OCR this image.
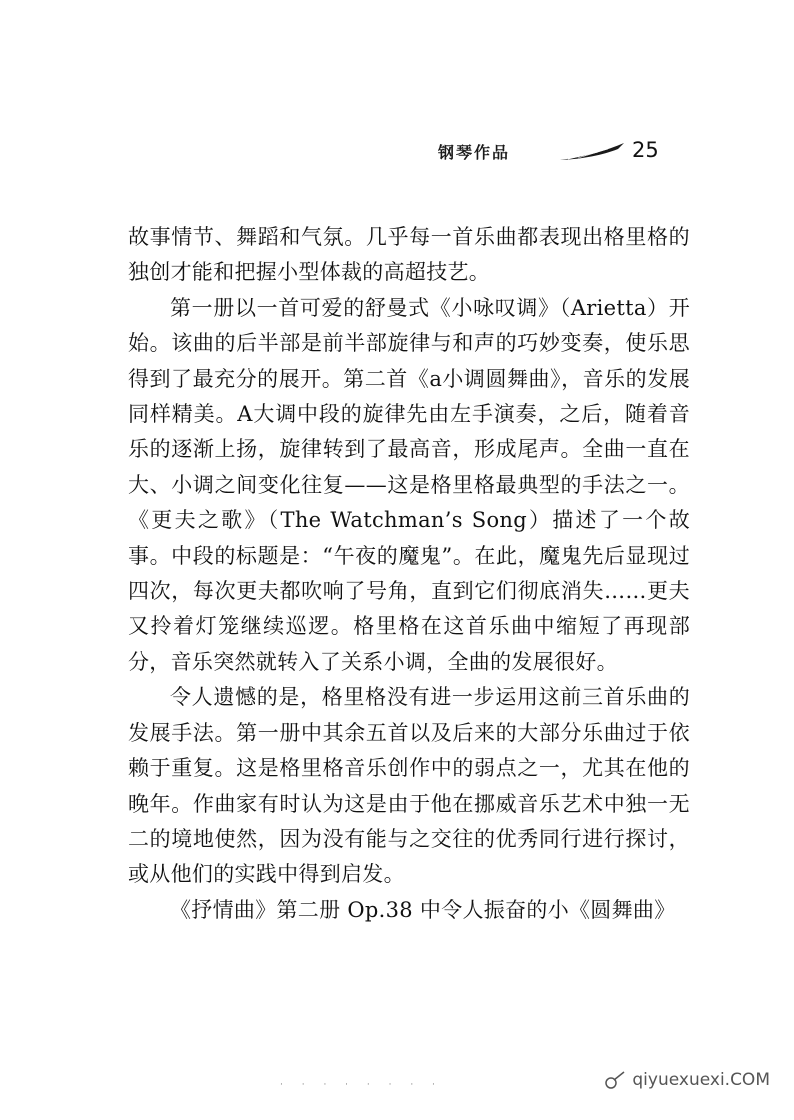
钢琴作品	25

故事情节、舞蹈和气氛。几乎每一首乐曲都表现出格里格的独创才能和把握小型体裁的高超技艺。

第一册以一首可爱的舒曼式《小咏叹调》（Arietta）开始。该曲的后半部是前半部旋律与和声的巧妙变奏，使乐思得到了最充分的展开。第二首《a小调圆舞曲》，音乐的发展同样精美。A大调中段的旋律先由左手演奏，之后，随着音乐的逐渐上扬，旋律转到了最高音，形成尾声。全曲一直在大、小调之间变化往复——这是格里格最典型的手法之一。《更夫之歌》（The Watchman’s Song）描述了一个故事。中段的标题是：“午夜的魔鬼”。在此，魔鬼先后显现过四次，每次更夫都吹响了号角，直到它们彻底消失……更夫又拎着灯笼继续巡逻。格里格在这首乐曲中缩短了再现部分，音乐突然就转入了关系小调，全曲的发展很好。

令人遗憾的是，格里格没有进一步运用这前三首乐曲的发展手法。第一册中其余五首以及后来的大部分乐曲过于依赖于重复。这是格里格音乐创作中的弱点之一，尤其在他的晚年。作曲家有时认为这是由于他在挪威音乐艺术中独一无二的境地使然，因为没有能与之交往的优秀同行进行探讨，或从他们的实践中得到启发。

《抒情曲》第二册 Op.38 中令人振奋的小《圆舞曲》

· · · · · · · ·	qiyuexuexi.COM
